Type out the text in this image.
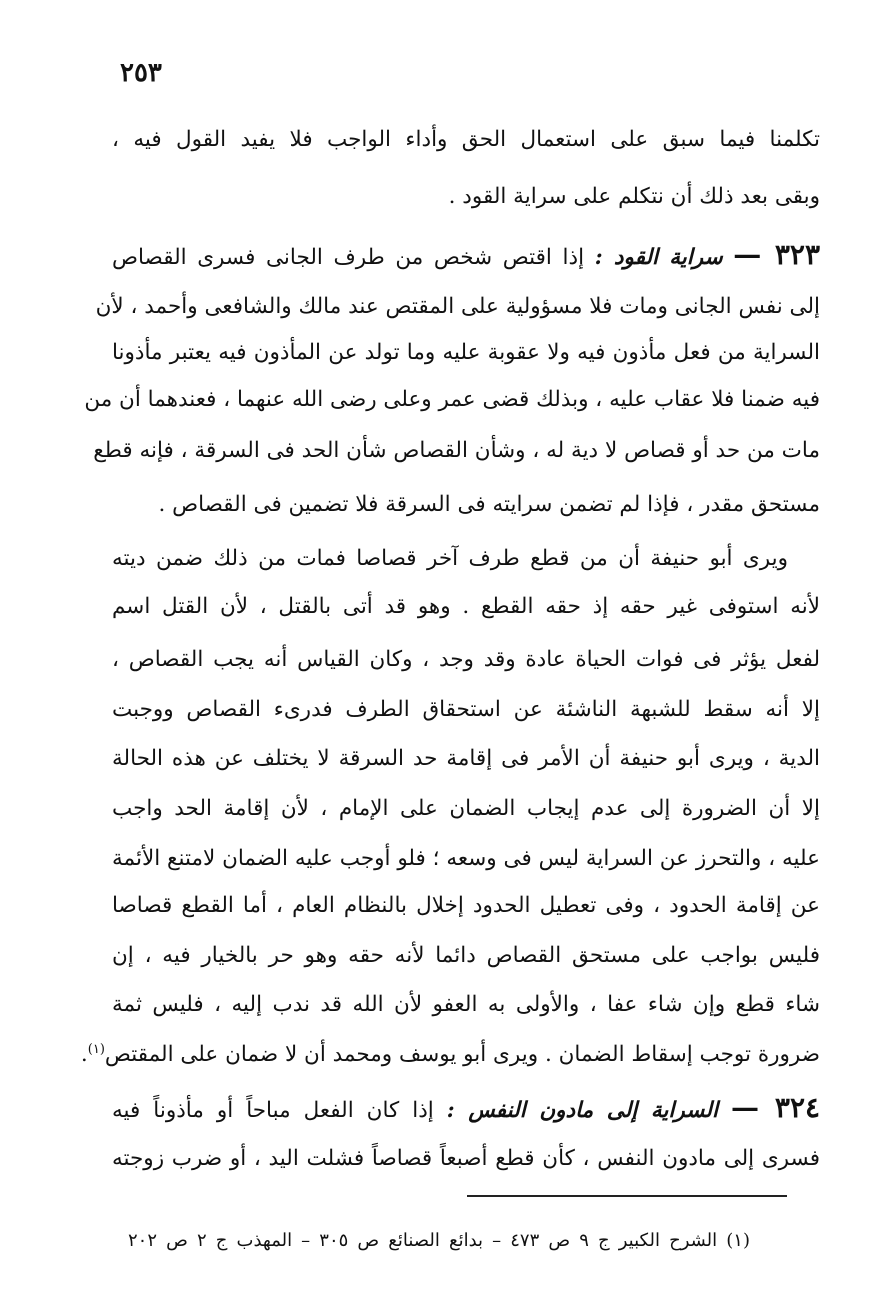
٢٥٣
تكلمنا فيما سبق على استعمال الحق وأداء الواجب فلا يفيد القول فيه ،
وبقى بعد ذلك أن نتكلم على سراية القود .
٣٢٣ — سراية القود : إذا اقتص شخص من طرف الجانى فسرى القصاص
إلى نفس الجانى ومات فلا مسؤولية على المقتص عند مالك والشافعى وأحمد ، لأن
السراية من فعل مأذون فيه ولا عقوبة عليه وما تولد عن المأذون فيه يعتبر مأذونا
فيه ضمنا فلا عقاب عليه ، وبذلك قضى عمر وعلى رضى الله عنهما ، فعندهما أن من
مات من حد أو قصاص لا دية له ، وشأن القصاص شأن الحد فى السرقة ، فإنه قطع
مستحق مقدر ، فإذا لم تضمن سرايته فى السرقة فلا تضمين فى القصاص .
ويرى أبو حنيفة أن من قطع طرف آخر قصاصا فمات من ذلك ضمن ديته
لأنه استوفى غير حقه إذ حقه القطع . وهو قد أتى بالقتل ، لأن القتل اسم
لفعل يؤثر فى فوات الحياة عادة وقد وجد ، وكان القياس أنه يجب القصاص ،
إلا أنه سقط للشبهة الناشئة عن استحقاق الطرف فدرىء القصاص ووجبت
الدية ، ويرى أبو حنيفة أن الأمر فى إقامة حد السرقة لا يختلف عن هذه الحالة
إلا أن الضرورة إلى عدم إيجاب الضمان على الإمام ، لأن إقامة الحد واجب
عليه ، والتحرز عن السراية ليس فى وسعه ؛ فلو أوجب عليه الضمان لامتنع الأئمة
عن إقامة الحدود ، وفى تعطيل الحدود إخلال بالنظام العام ، أما القطع قصاصا
فليس بواجب على مستحق القصاص دائما لأنه حقه وهو حر بالخيار فيه ، إن
شاء قطع وإن شاء عفا ، والأولى به العفو لأن الله قد ندب إليه ، فليس ثمة
ضرورة توجب إسقاط الضمان . ويرى أبو يوسف ومحمد أن لا ضمان على المقتص$^{(١)}$.
٣٢٤ — السراية إلى مادون النفس : إذا كان الفعل مباحاً أو مأذوناً فيه
فسرى إلى مادون النفس ، كأن قطع أصبعاً قصاصاً فشلت اليد ، أو ضرب زوجته
(١) الشرح الكبير ج ٩ ص ٤٧٣ – بدائع الصنائع ص ٣٠٥ – المهذب ج ٢ ص ٢٠٢
